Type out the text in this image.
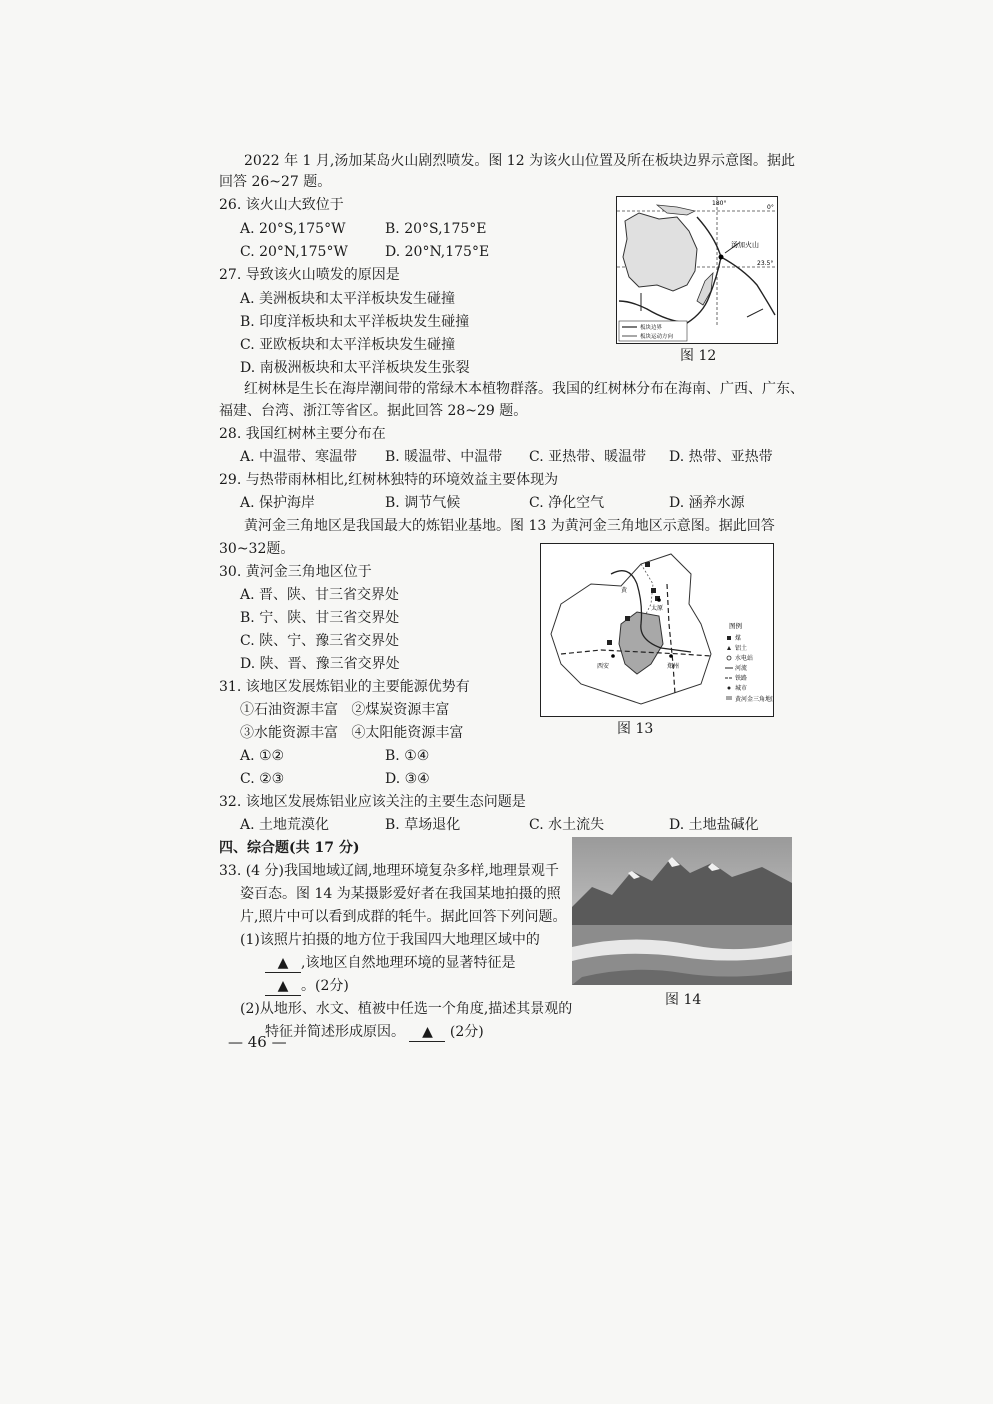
2022 年 1 月,汤加某岛火山剧烈喷发。图 12 为该火山位置及所在板块边界示意图。据此
回答 26~27 题。
26. 该火山大致位于
A. 20°S,175°W	B. 20°S,175°E
C. 20°N,175°W	D. 20°N,175°E
27. 导致该火山喷发的原因是
A. 美洲板块和太平洋板块发生碰撞
B. 印度洋板块和太平洋板块发生碰撞
C. 亚欧板块和太平洋板块发生碰撞
D. 南极洲板块和太平洋板块发生张裂
汤加火山
180°
0°
23.5°
板块边界
板块运动方向
图 12
红树林是生长在海岸潮间带的常绿木本植物群落。我国的红树林分布在海南、广西、广东、
福建、台湾、浙江等省区。据此回答 28~29 题。
28. 我国红树林主要分布在
A. 中温带、寒温带 B. 暖温带、中温带 C. 亚热带、暖温带 D. 热带、亚热带
29. 与热带雨林相比,红树林独特的环境效益主要体现为
A. 保护海岸	B. 调节气候	C. 净化空气	D. 涵养水源
黄河金三角地区是我国最大的炼铝业基地。图 13 为黄河金三角地区示意图。据此回答
30~32题。
30. 黄河金三角地区位于
A. 晋、陕、甘三省交界处
B. 宁、陕、甘三省交界处
C. 陕、宁、豫三省交界处
D. 陕、晋、豫三省交界处
31. 该地区发展炼铝业的主要能源优势有
①石油资源丰富   ②煤炭资源丰富
③水能资源丰富   ④太阳能资源丰富
A. ①②	B. ①④
C. ②③	D. ③④
太原
西安	郑州
黄
图例
煤
铝土
水电站
河流
铁路
城市
黄河金三角地区
图 13
32. 该地区发展炼铝业应该关注的主要生态问题是
A. 土地荒漠化	B. 草场退化	C. 水土流失	D. 土地盐碱化
四、综合题(共 17 分)
33. (4 分)我国地域辽阔,地理环境复杂多样,地理景观千
姿百态。图 14 为某摄影爱好者在我国某地拍摄的照
片,照片中可以看到成群的牦牛。据此回答下列问题。
(1)该照片拍摄的地方位于我国四大地理区域中的
▲ ,该地区自然地理环境的显著特征是
▲ 。(2分)
(2)从地形、水文、植被中任选一个角度,描述其景观的
特征并简述形成原因。 ▲ (2分)
图 14
— 46 —
